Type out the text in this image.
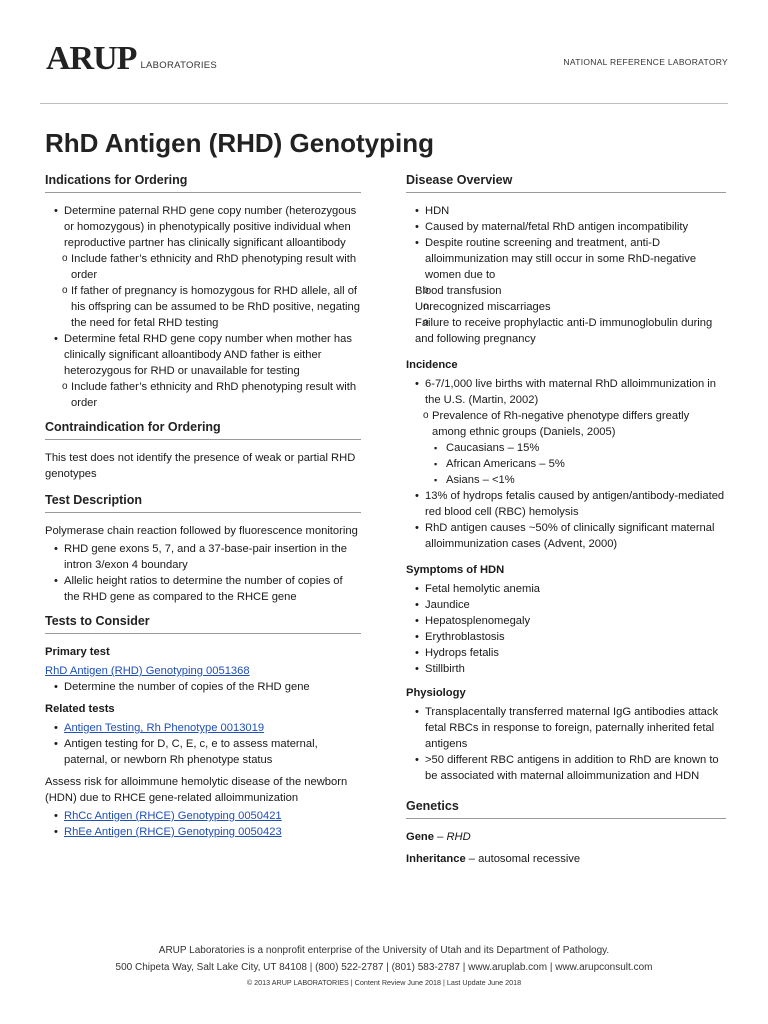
ARUP LABORATORIES	NATIONAL REFERENCE LABORATORY
RhD Antigen (RHD) Genotyping
Indications for Ordering
• Determine paternal RHD gene copy number (heterozygous or homozygous) in phenotypically positive individual when reproductive partner has clinically significant alloantibody
o Include father’s ethnicity and RhD phenotyping result with order
o If father of pregnancy is homozygous for RHD allele, all of his offspring can be assumed to be RhD positive, negating the need for fetal RHD testing
• Determine fetal RHD gene copy number when mother has clinically significant alloantibody AND father is either heterozygous for RHD or unavailable for testing
o Include father’s ethnicity and RhD phenotyping result with order
Contraindication for Ordering

This test does not identify the presence of weak or partial RHD genotypes

Test Description

Polymerase chain reaction followed by fluorescence monitoring

• RHD gene exons 5, 7, and a 37-base-pair insertion in the intron 3/exon 4 boundary
• Allelic height ratios to determine the number of copies of the RHD gene as compared to the RHCE gene
Tests to Consider
Primary test
RhD Antigen (RHD) Genotyping 0051368
• Determine the number of copies of the RHD gene
Related tests
• Antigen Testing, Rh Phenotype 0013019
• Antigen testing for D, C, E, c, e to assess maternal, paternal, or newborn Rh phenotype status

Assess risk for alloimmune hemolytic disease of the newborn (HDN) due to RHCE gene-related alloimmunization

• RhCc Antigen (RHCE) Genotyping 0050421
• RhEe Antigen (RHCE) Genotyping 0050423
Disease Overview
• HDN
• Caused by maternal/fetal RhD antigen incompatibility
• Despite routine screening and treatment, anti-D alloimmunization may still occur in some RhD-negative women due to
o Blood transfusion
o Unrecognized miscarriages
o Failure to receive prophylactic anti-D immunoglobulin during and following pregnancy
Incidence
• 6-7/1,000 live births with maternal RhD alloimmunization in the U.S. (Martin, 2002)
o Prevalence of Rh-negative phenotype differs greatly among ethnic groups (Daniels, 2005)
▪ Caucasians – 15%
▪ African Americans – 5%
▪ Asians – <1%
• 13% of hydrops fetalis caused by antigen/antibody-mediated red blood cell (RBC) hemolysis
• RhD antigen causes ~50% of clinically significant maternal alloimmunization cases (Advent, 2000)
Symptoms of HDN
• Fetal hemolytic anemia
• Jaundice
• Hepatosplenomegaly
• Erythroblastosis
• Hydrops fetalis
• Stillbirth
Physiology
• Transplacentally transferred maternal IgG antibodies attack fetal RBCs in response to foreign, paternally inherited fetal antigens
• >50 different RBC antigens in addition to RhD are known to be associated with maternal alloimmunization and HDN
Genetics

Gene – RHD

Inheritance – autosomal recessive

ARUP Laboratories is a nonprofit enterprise of the University of Utah and its Department of Pathology.
500 Chipeta Way, Salt Lake City, UT 84108 | (800) 522-2787 | (801) 583-2787 | www.aruplab.com | www.arupconsult.com
© 2013 ARUP LABORATORIES | Content Review June 2018 | Last Update June 2018
